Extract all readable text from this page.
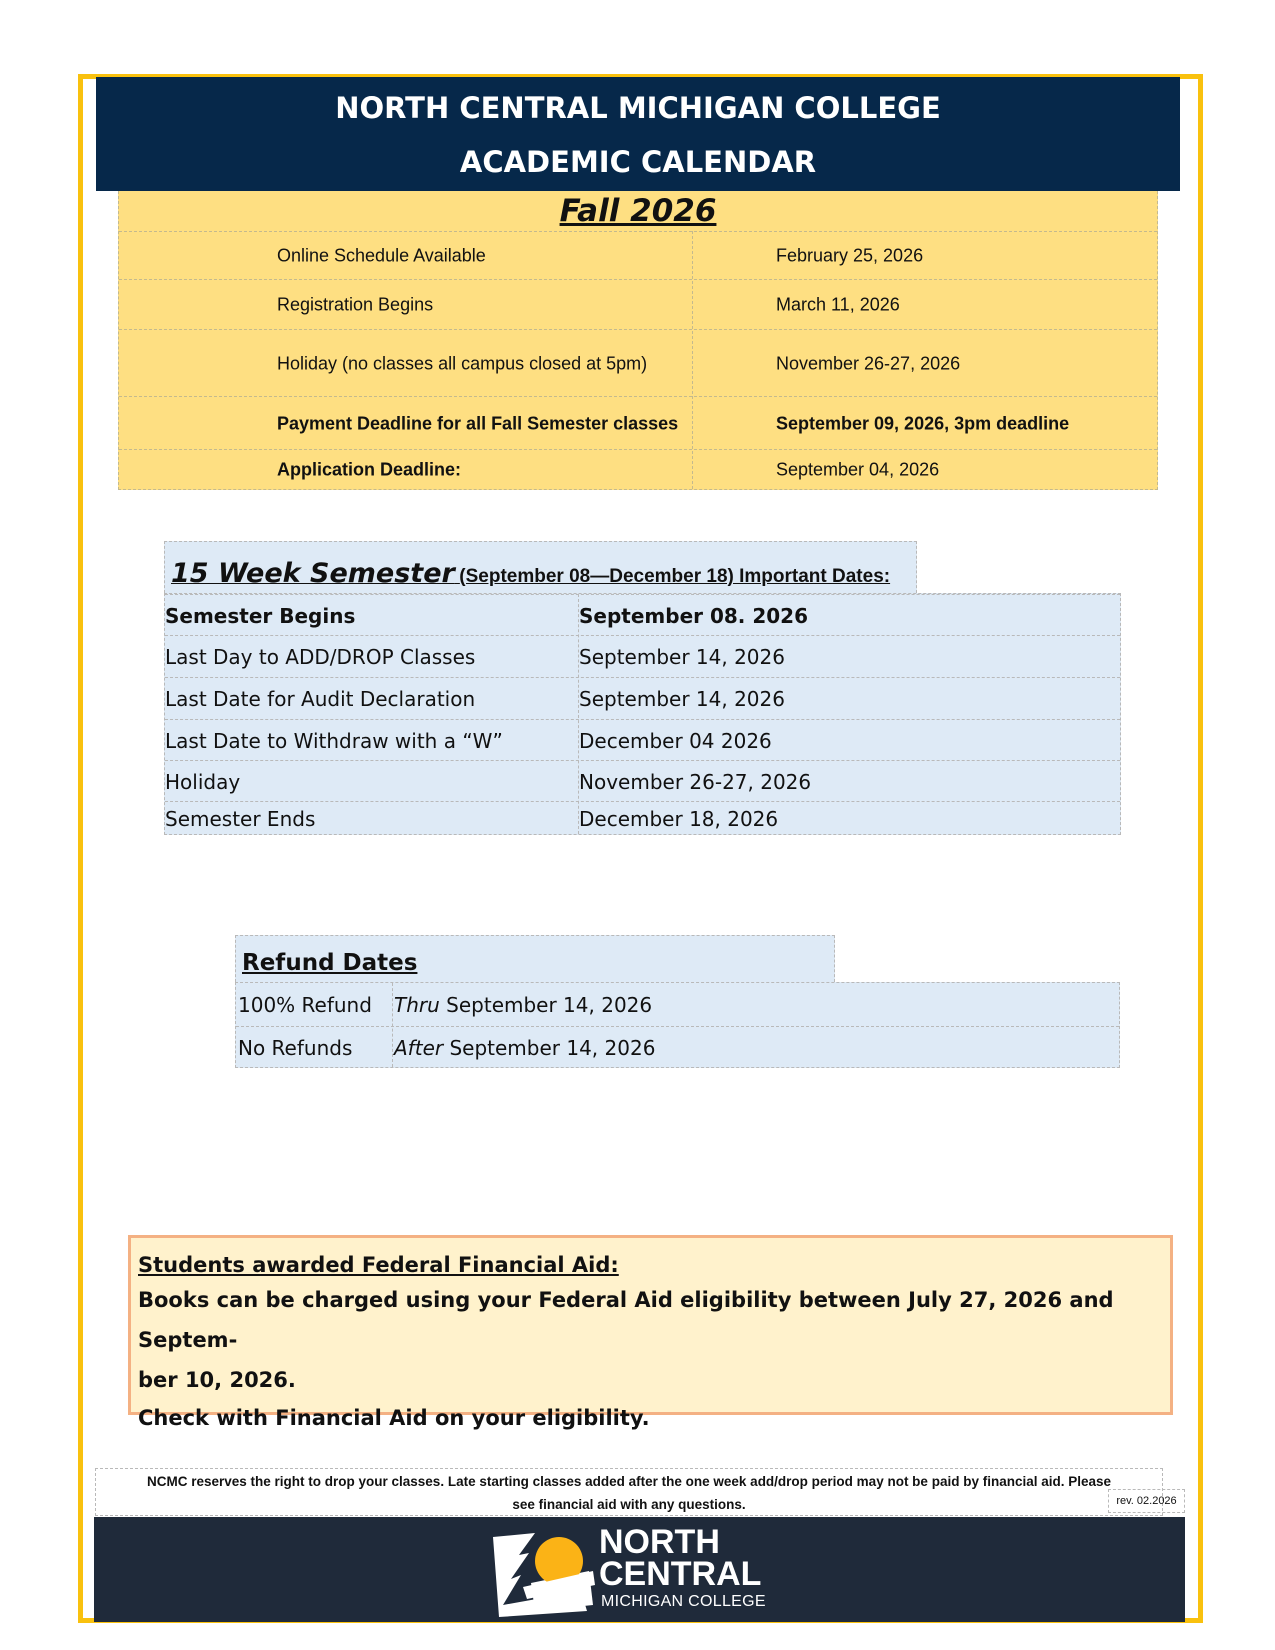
NORTH CENTRAL MICHIGAN COLLEGE
ACADEMIC CALENDAR
Fall 2026
Online Schedule Available	February 25, 2026
Registration Begins	March 11, 2026
Holiday (no classes all campus closed at 5pm)	November 26-27, 2026
Payment Deadline for all Fall Semester classes	September 09, 2026, 3pm deadline
Application Deadline:	September 04, 2026
15 Week Semester (September 08—December 18) Important Dates:
Semester Begins	September 08. 2026
Last Day to ADD/DROP Classes	September 14, 2026
Last Date for Audit Declaration	September 14, 2026
Last Date to Withdraw with a “W”	December 04 2026
Holiday	November 26-27, 2026
Semester Ends	December 18, 2026
Refund Dates
100% Refund Thru September 14, 2026
No Refunds After September 14, 2026
Students awarded Federal Financial Aid:
Books can be charged using your Federal Aid eligibility between July 27, 2026 and Septem-
ber 10, 2026.
Check with Financial Aid on your eligibility.
NCMC reserves the right to drop your classes. Late starting classes added after the one week add/drop period may not be paid by financial aid. Please
see financial aid with any questions.	rev. 02.2026
NORTH
CENTRAL
MICHIGAN COLLEGE
